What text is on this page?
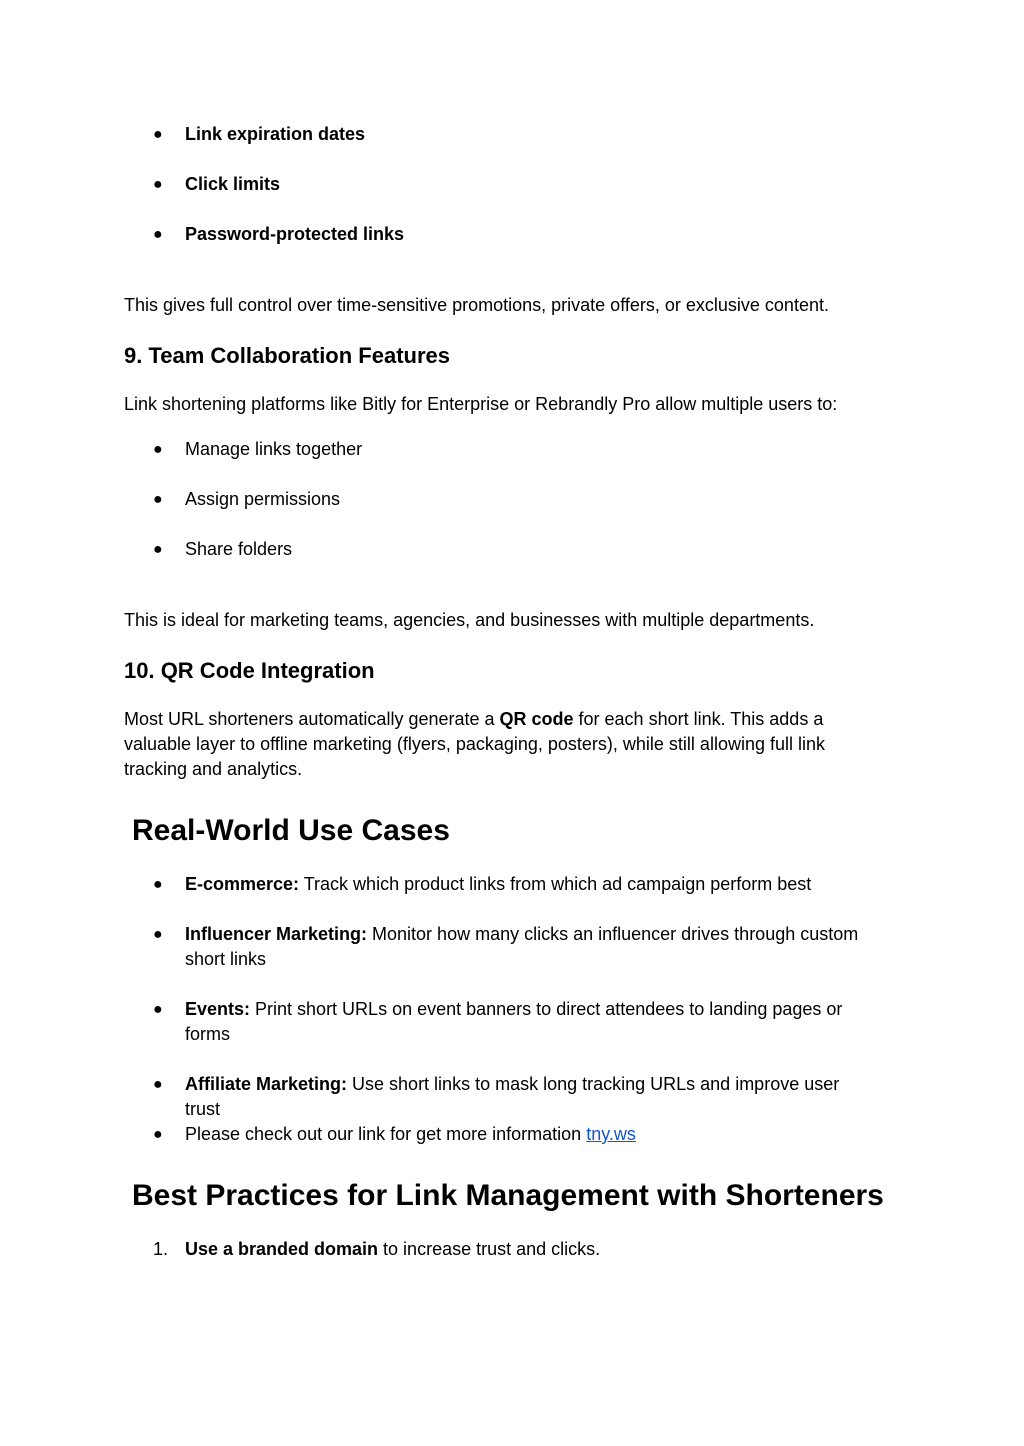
● Link expiration dates
● Click limits
● Password-protected links

This gives full control over time-sensitive promotions, private offers, or exclusive content.

9. Team Collaboration Features

Link shortening platforms like Bitly for Enterprise or Rebrandly Pro allow multiple users to:

● Manage links together
● Assign permissions
● Share folders

This is ideal for marketing teams, agencies, and businesses with multiple departments.

10. QR Code Integration
Most URL shorteners automatically generate a QR code for each short link. This adds a
valuable layer to offline marketing (flyers, packaging, posters), while still allowing full link
tracking and analytics.
Real-World Use Cases
● E-commerce: Track which product links from which ad campaign perform best
● Influencer Marketing: Monitor how many clicks an influencer drives through custom
short links
● Events: Print short URLs on event banners to direct attendees to landing pages or
forms
● Affiliate Marketing: Use short links to mask long tracking URLs and improve user
trust
● Please check out our link for get more information tny.ws
Best Practices for Link Management with Shorteners
1. Use a branded domain to increase trust and clicks.
